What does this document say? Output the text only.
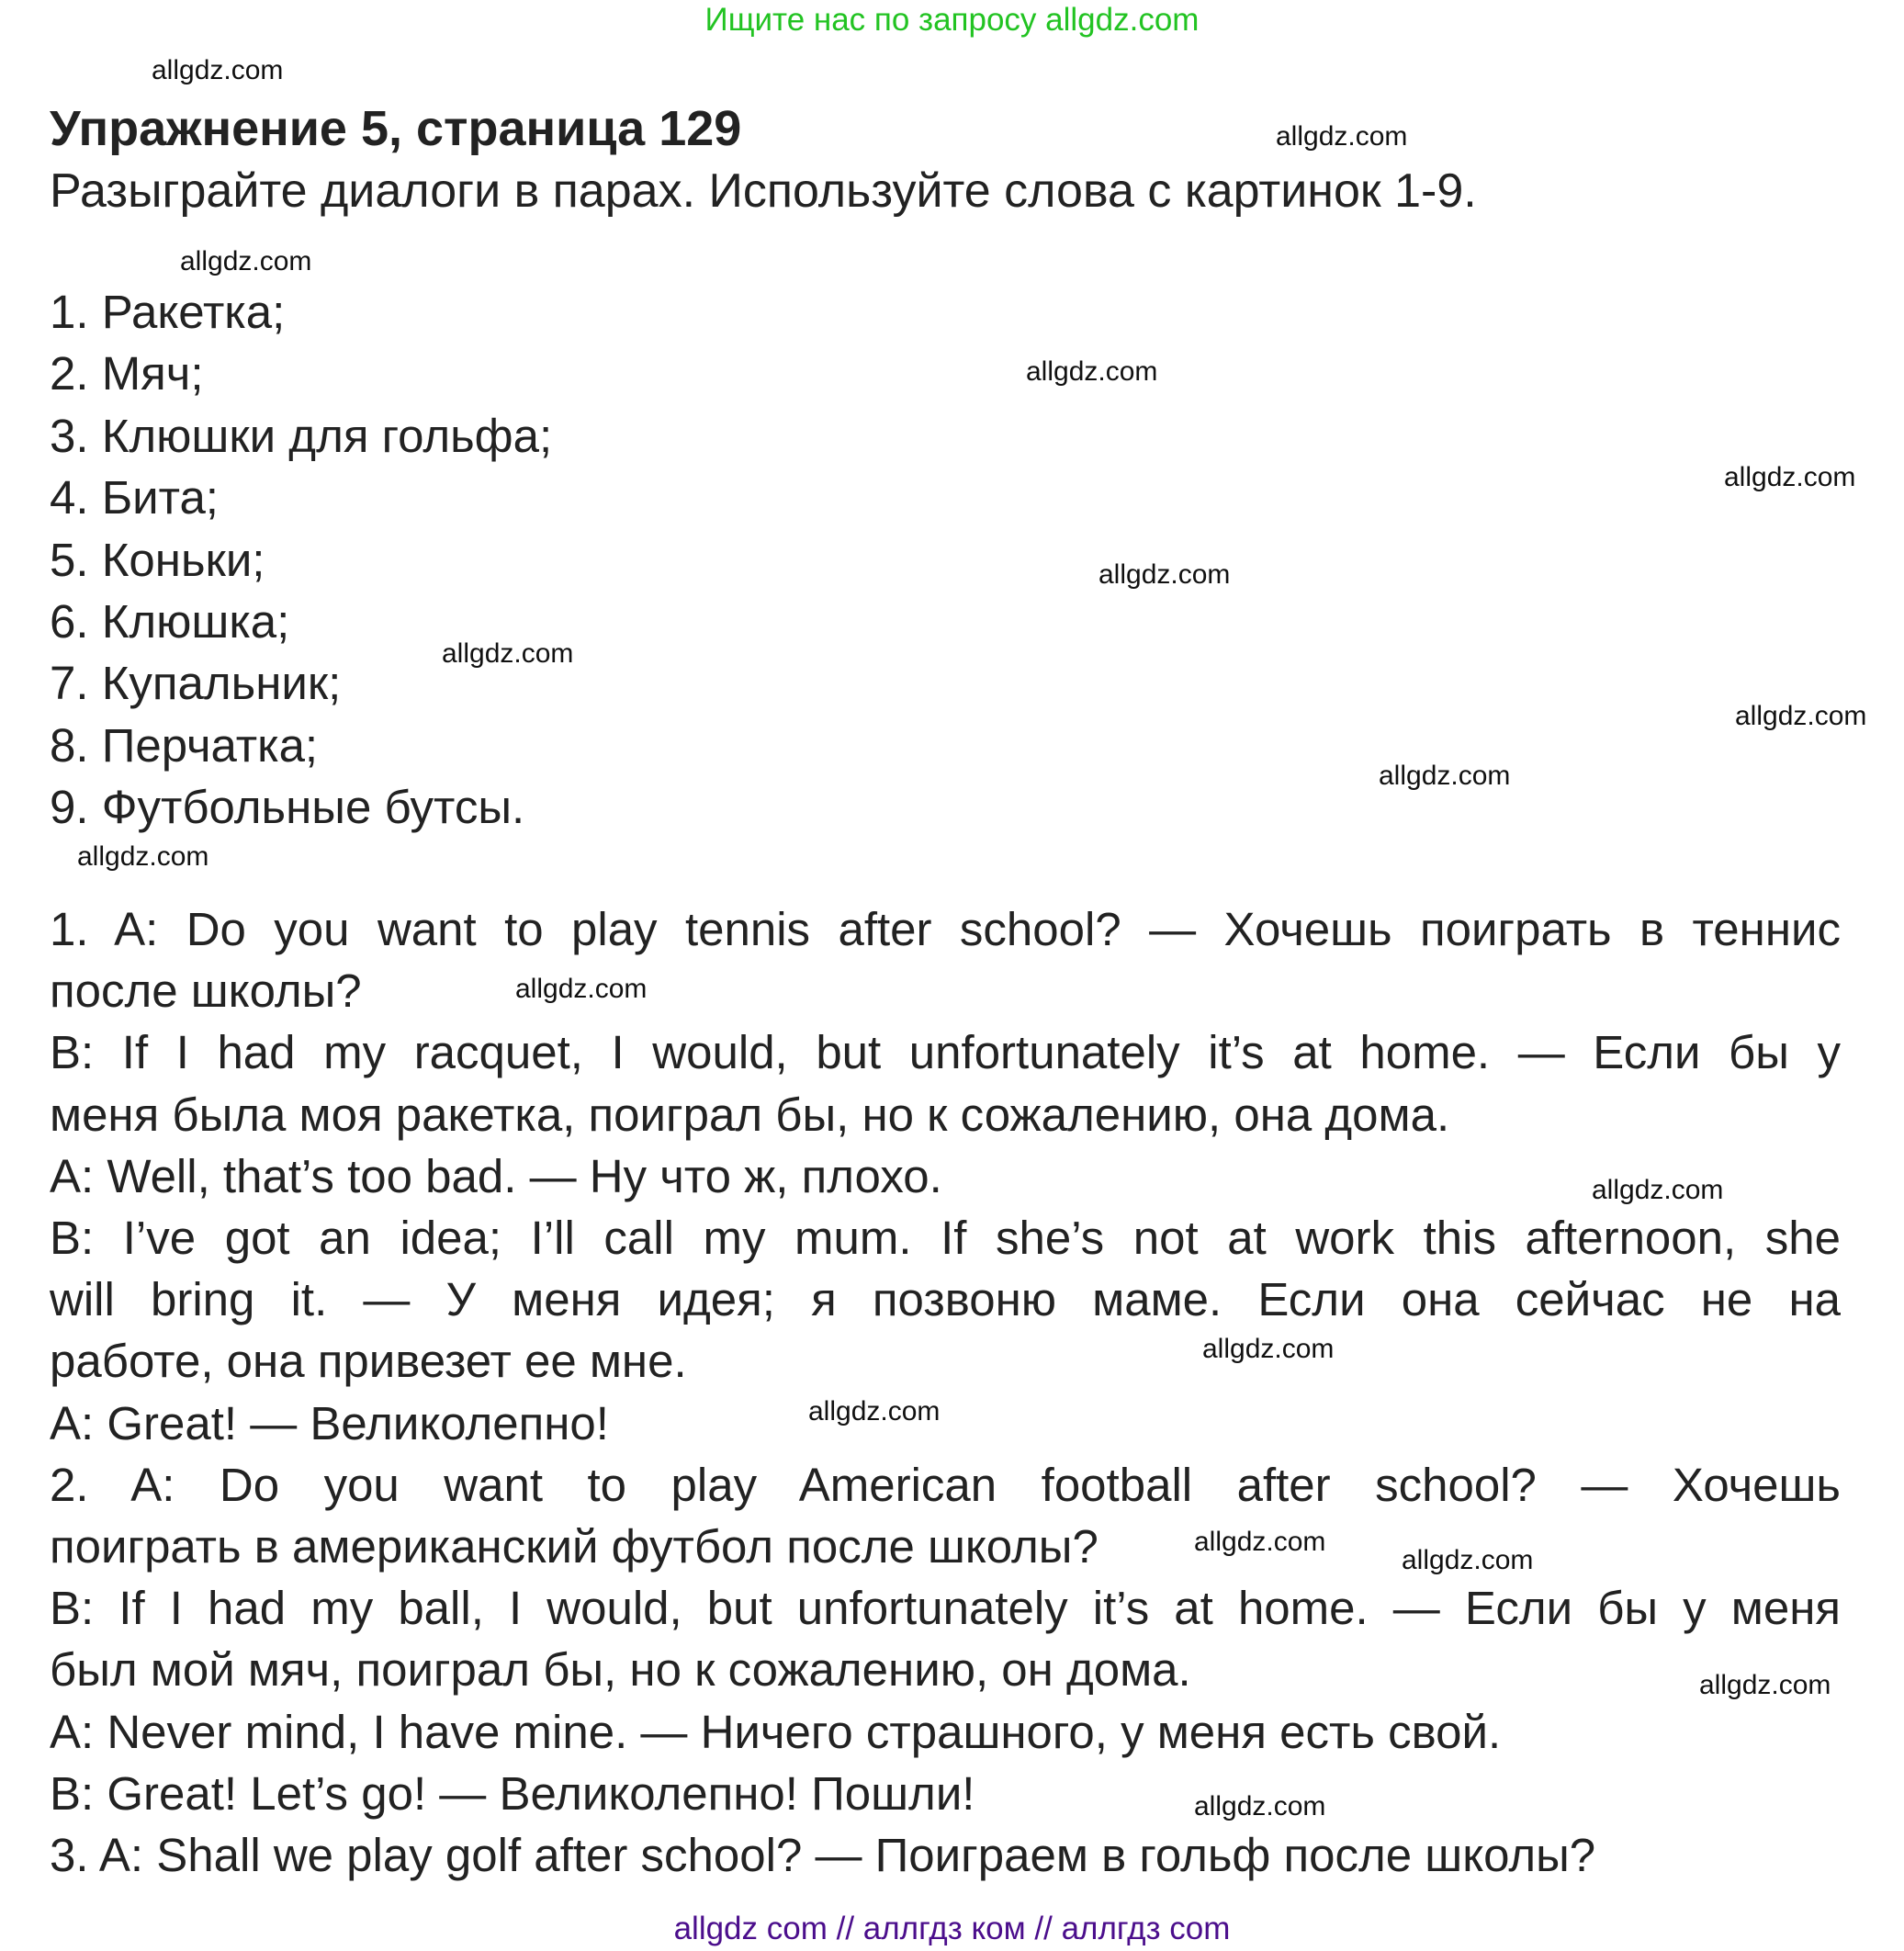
Ищите нас по запросу allgdz.com
Упражнение 5, страница 129
Разыграйте диалоги в парах. Используйте слова с картинок 1-9.
1. Ракетка;
2. Мяч;
3. Клюшки для гольфа;
4. Бита;
5. Коньки;
6. Клюшка;
7. Купальник;
8. Перчатка;
9. Футбольные бутсы.
1. A: Do you want to play tennis after school? — Хочешь поиграть в теннис
после школы?
B: If I had my racquet, I would, but unfortunately it’s at home. — Если бы у
меня была моя ракетка, поиграл бы, но к сожалению, она дома.
A: Well, that’s too bad. — Ну что ж, плохо.
B: I’ve got an idea; I’ll call my mum. If she’s not at work this afternoon, she
will bring it. — У меня идея; я позвоню маме. Если она сейчас не на
работе, она привезет ее мне.
A: Great! — Великолепно!
2. A: Do you want to play American football after school? — Хочешь
поиграть в американский футбол после школы?
B: If I had my ball, I would, but unfortunately it’s at home. — Если бы у меня
был мой мяч, поиграл бы, но к сожалению, он дома.
A: Never mind, I have mine. — Ничего страшного, у меня есть свой.
B: Great! Let’s go! — Великолепно! Пошли!
3. A: Shall we play golf after school? — Поиграем в гольф после школы?
allgdz.com
allgdz.com
allgdz.com
allgdz.com
allgdz.com
allgdz.com
allgdz.com
allgdz.com
allgdz.com
allgdz.com
allgdz.com
allgdz.com
allgdz.com
allgdz.com
allgdz.com
allgdz.com
allgdz.com
allgdz.com
allgdz com // аллгдз ком // аллгдз com
